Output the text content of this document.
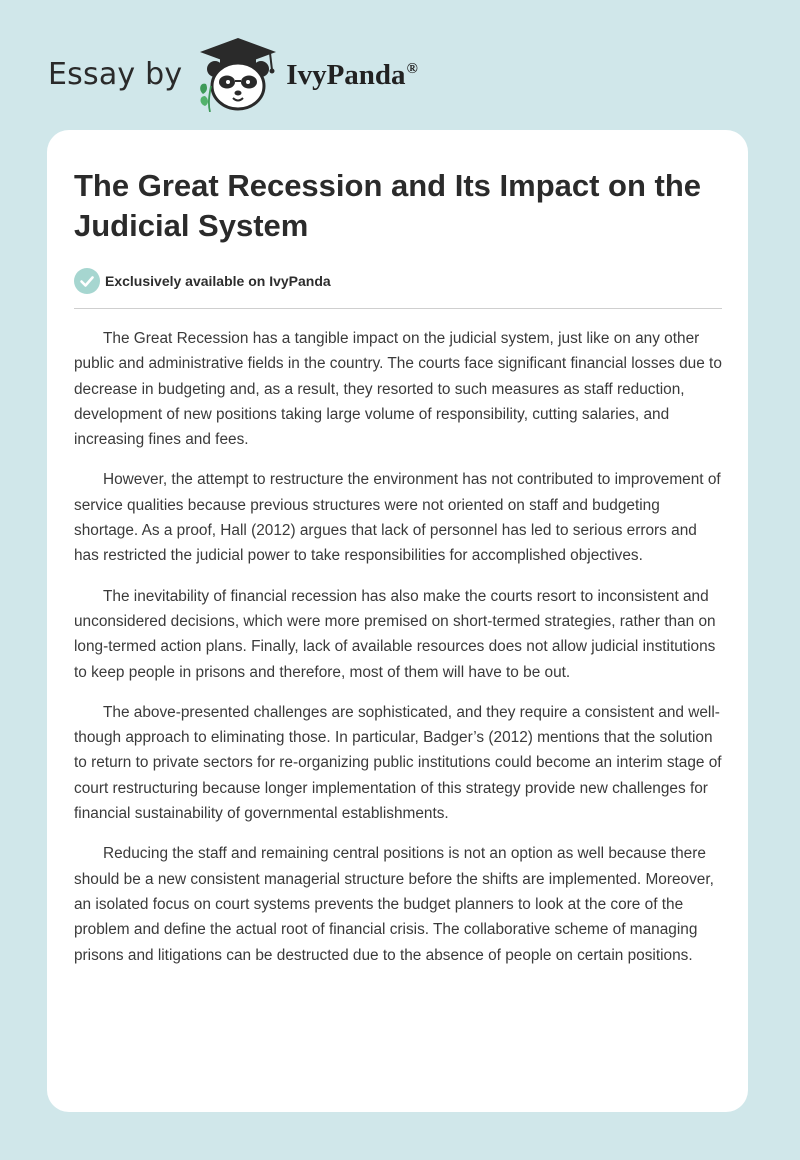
Essay by	IvyPanda®
The Great Recession and Its Impact on the Judicial System
Exclusively available on IvyPanda

The Great Recession has a tangible impact on the judicial system, just like on any other public and administrative fields in the country. The courts face significant financial losses due to decrease in budgeting and, as a result, they resorted to such measures as staff reduction, development of new positions taking large volume of responsibility, cutting salaries, and increasing fines and fees.

However, the attempt to restructure the environment has not contributed to improvement of service qualities because previous structures were not oriented on staff and budgeting shortage. As a proof, Hall (2012) argues that lack of personnel has led to serious errors and has restricted the judicial power to take responsibilities for accomplished objectives.

The inevitability of financial recession has also make the courts resort to inconsistent and unconsidered decisions, which were more premised on short-termed strategies, rather than on long-termed action plans. Finally, lack of available resources does not allow judicial institutions to keep people in prisons and therefore, most of them will have to be out.

The above-presented challenges are sophisticated, and they require a consistent and well-though approach to eliminating those. In particular, Badger’s (2012) mentions that the solution to return to private sectors for re-organizing public institutions could become an interim stage of court restructuring because longer implementation of this strategy provide new challenges for financial sustainability of governmental establishments.

Reducing the staff and remaining central positions is not an option as well because there should be a new consistent managerial structure before the shifts are implemented. Moreover, an isolated focus on court systems prevents the budget planners to look at the core of the problem and define the actual root of financial crisis. The collaborative scheme of managing prisons and litigations can be destructed due to the absence of people on certain positions.
